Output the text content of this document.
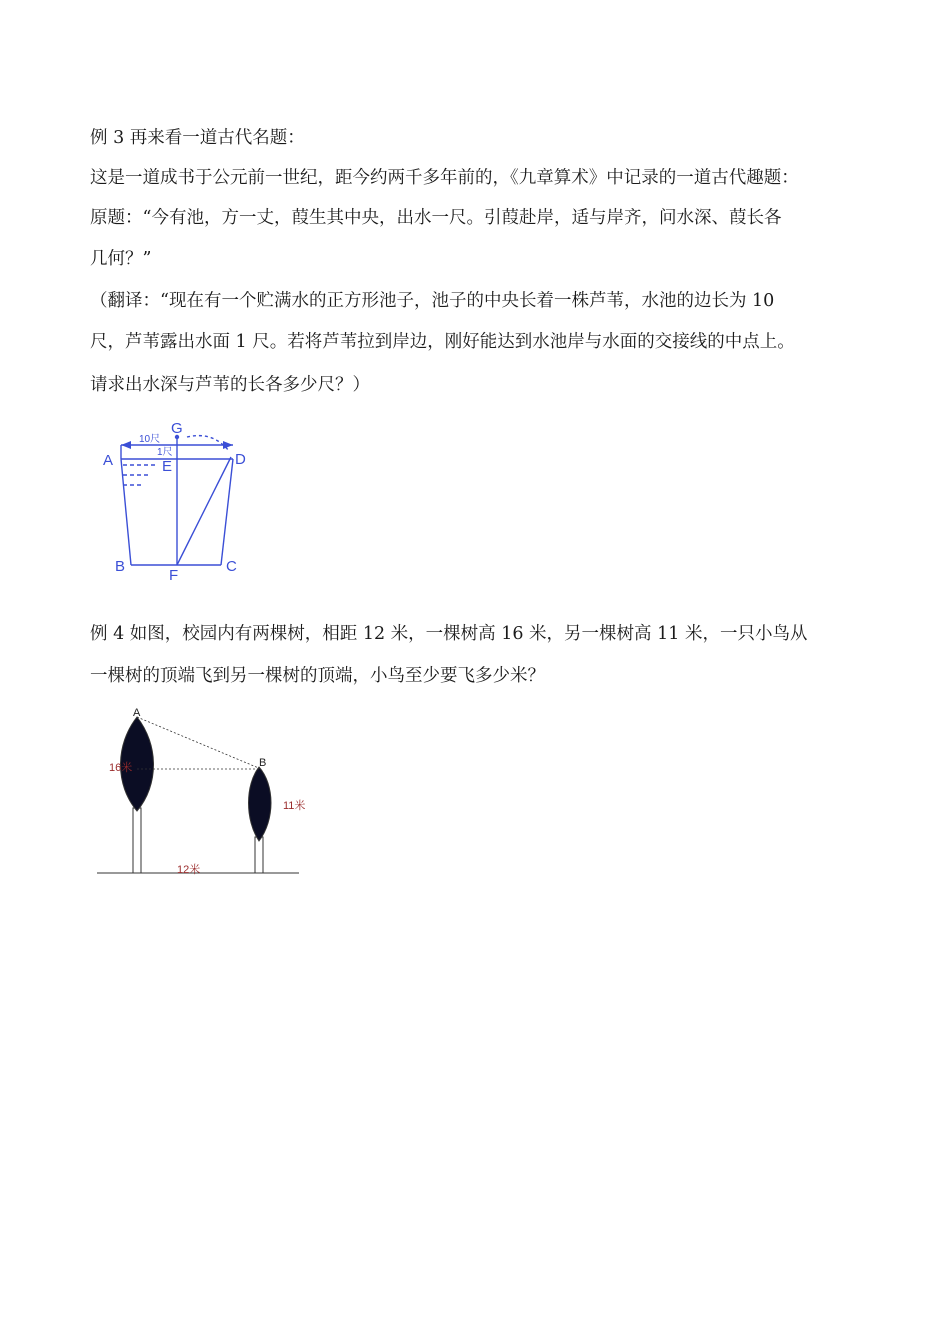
例 3 再来看一道古代名题：
这是一道成书于公元前一世纪，距今约两千多年前的，《九章算术》中记录的一道古代趣题：
原题：“今有池，方一丈，葭生其中央，出水一尺。引葭赴岸，适与岸齐，问水深、葭长各
几何？”
（翻译：“现在有一个贮满水的正方形池子，池子的中央长着一株芦苇，水池的边长为 10
尺，芦苇露出水面 1 尺。若将芦苇拉到岸边，刚好能达到水池岸与水面的交接线的中点上。
请求出水深与芦苇的长各多少尺？）
G
10尺
1尺
A	E	D
B
F
C
例 4 如图，校园内有两棵树，相距 12 米，一棵树高 16 米，另一棵树高 11 米，一只小鸟从
一棵树的顶端飞到另一棵树的顶端，小鸟至少要飞多少米？
A
B
16米
11米
12米
